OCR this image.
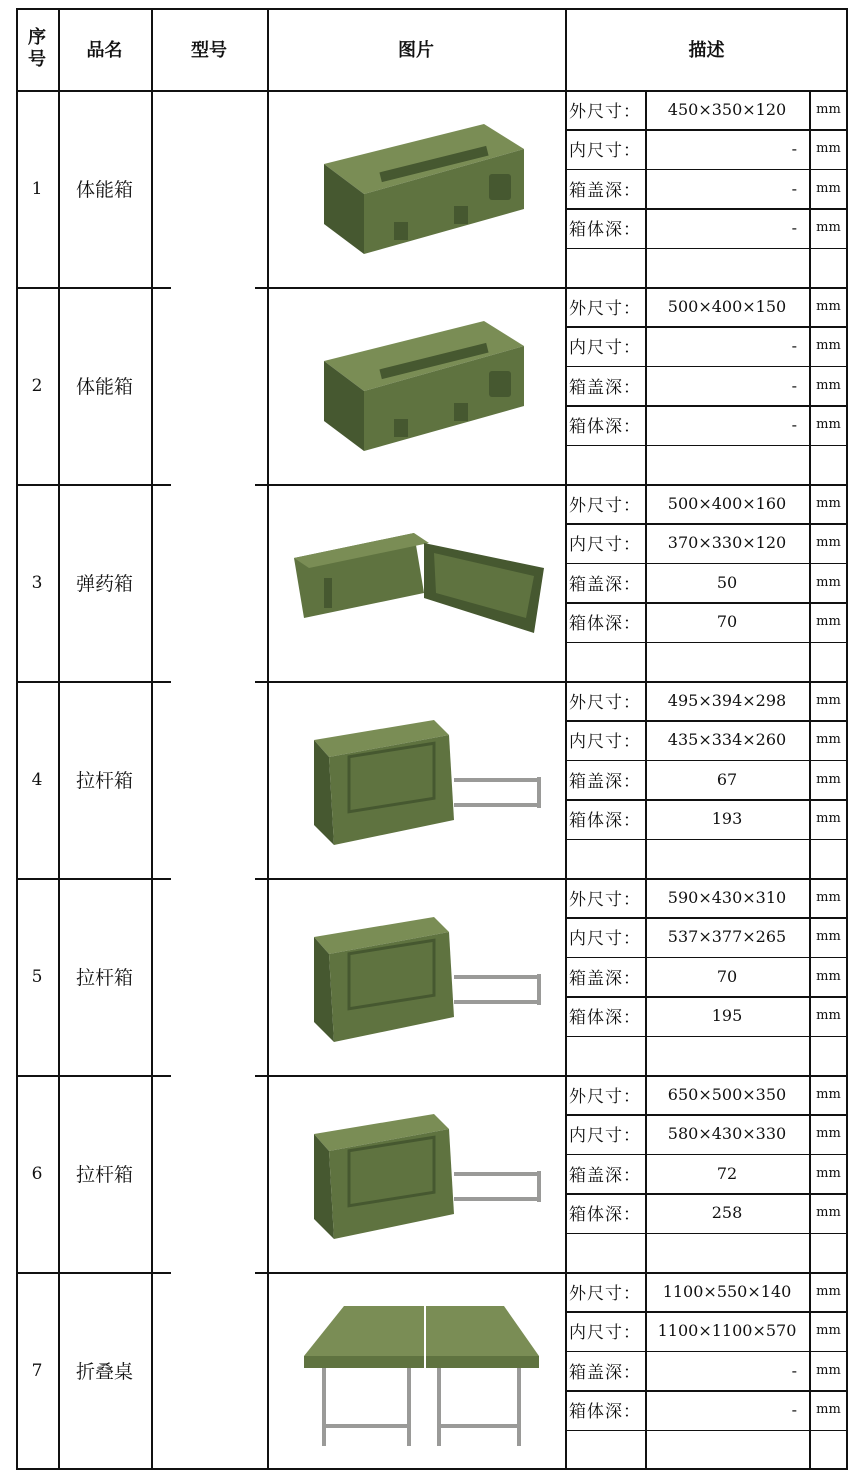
序
号	品名	型号	图片	描述
1	体能箱
外尺寸：	450×350×120	mm
内尺寸：	-	mm
箱盖深：	-	mm
箱体深：	-	mm
2	体能箱
外尺寸：	500×400×150	mm
内尺寸：	-	mm
箱盖深：	-	mm
箱体深：	-	mm
3	弹药箱
外尺寸：	500×400×160	mm
内尺寸：	370×330×120	mm
箱盖深：	50	mm
箱体深：	70	mm
4	拉杆箱
外尺寸：	495×394×298	mm
内尺寸：	435×334×260	mm
箱盖深：	67	mm
箱体深：	193	mm
5	拉杆箱
外尺寸：	590×430×310	mm
内尺寸：	537×377×265	mm
箱盖深：	70	mm
箱体深：	195	mm
6	拉杆箱
外尺寸：	650×500×350	mm
内尺寸：	580×430×330	mm
箱盖深：	72	mm
箱体深：	258	mm
7	折叠桌
外尺寸：	1100×550×140	mm
内尺寸：	1100×1100×570	mm
箱盖深：	-	mm
箱体深：	-	mm
